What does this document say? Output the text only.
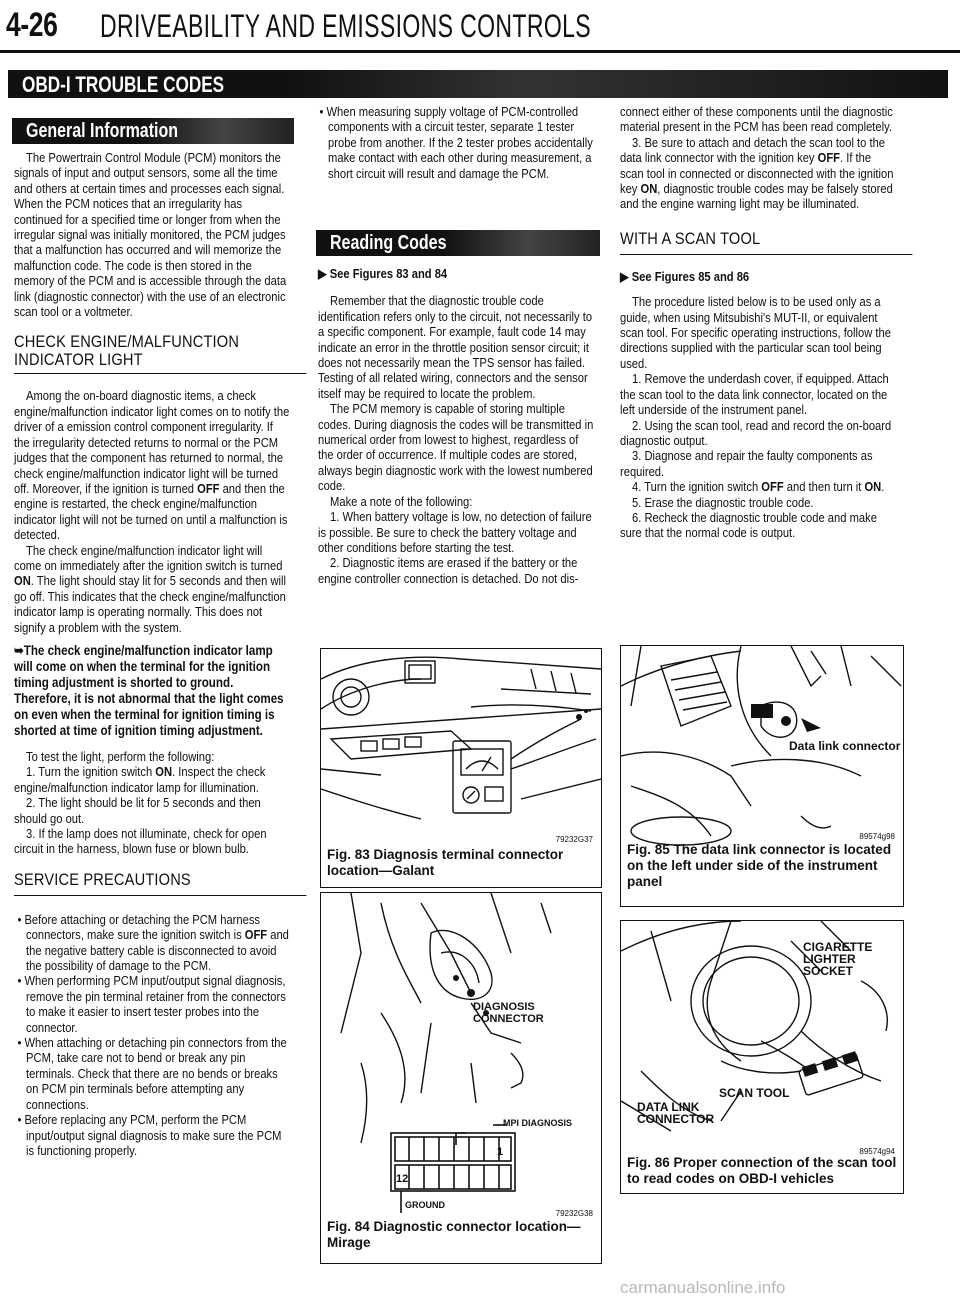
4-26 DRIVEABILITY AND EMISSIONS CONTROLS
OBD-I TROUBLE CODES
General Information

The Powertrain Control Module (PCM) monitors the signals of input and output sensors, some all the time and others at certain times and processes each signal. When the PCM notices that an irregularity has continued for a specified time or longer from when the irregular signal was initially monitored, the PCM judges that a malfunction has occurred and will memorize the malfunction code. The code is then stored in the memory of the PCM and is accessible through the data link (diagnostic connector) with the use of an electronic scan tool or a voltmeter.

CHECK ENGINE/MALFUNCTION INDICATOR LIGHT

Among the on-board diagnostic items, a check engine/malfunction indicator light comes on to notify the driver of a emission control component irregularity. If the irregularity detected returns to normal or the PCM judges that the component has returned to normal, the check engine/malfunction indicator light will be turned off. Moreover, if the ignition is turned OFF and then the engine is restarted, the check engine/malfunction indicator light will not be turned on until a malfunction is detected.

The check engine/malfunction indicator light will come on immediately after the ignition switch is turned ON. The light should stay lit for 5 seconds and then will go off. This indicates that the check engine/malfunction indicator lamp is operating normally. This does not signify a problem with the system.

➥The check engine/malfunction indicator lamp will come on when the terminal for the ignition timing adjustment is shorted to ground. Therefore, it is not abnormal that the light comes on even when the terminal for ignition timing is shorted at time of ignition timing adjustment.

To test the light, perform the following:

1. Turn the ignition switch ON. Inspect the check engine/malfunction indicator lamp for illumination.

2. The light should be lit for 5 seconds and then should go out.

3. If the lamp does not illuminate, check for open circuit in the harness, blown fuse or blown bulb.

SERVICE PRECAUTIONS

• Before attaching or detaching the PCM harness connectors, make sure the ignition switch is OFF and the negative battery cable is disconnected to avoid the possibility of damage to the PCM.

• When performing PCM input/output signal diagnosis, remove the pin terminal retainer from the connectors to make it easier to insert tester probes into the connector.

• When attaching or detaching pin connectors from the PCM, take care not to bend or break any pin terminals. Check that there are no bends or breaks on PCM pin terminals before attempting any connections.

• Before replacing any PCM, perform the PCM input/output signal diagnosis to make sure the PCM is functioning properly.

• When measuring supply voltage of PCM-controlled components with a circuit tester, separate 1 tester probe from another. If the 2 tester probes accidentally make contact with each other during measurement, a short circuit will result and damage the PCM.

Reading Codes

▶ See Figures 83 and 84

Remember that the diagnostic trouble code identification refers only to the circuit, not necessarily to a specific component. For example, fault code 14 may indicate an error in the throttle position sensor circuit; it does not necessarily mean the TPS sensor has failed. Testing of all related wiring, connectors and the sensor itself may be required to locate the problem.

The PCM memory is capable of storing multiple codes. During diagnosis the codes will be transmitted in numerical order from lowest to highest, regardless of the order of occurrence. If multiple codes are stored, always begin diagnostic work with the lowest numbered code.

Make a note of the following:

1. When battery voltage is low, no detection of failure is possible. Be sure to check the battery voltage and other conditions before starting the test.

2. Diagnostic items are erased if the battery or the engine controller connection is detached. Do not dis-

79232G37
Fig. 83 Diagnosis terminal connector location—Galant
DIAGNOSIS CONNECTOR
MPI DIAGNOSIS
1
12
GROUND
79232G38
Fig. 84 Diagnostic connector location—Mirage

connect either of these components until the diagnostic material present in the PCM has been read completely.

3. Be sure to attach and detach the scan tool to the data link connector with the ignition key OFF. If the scan tool in connected or disconnected with the ignition key ON, diagnostic trouble codes may be falsely stored and the engine warning light may be illuminated.

WITH A SCAN TOOL

▶ See Figures 85 and 86

The procedure listed below is to be used only as a guide, when using Mitsubishi's MUT-II, or equivalent scan tool. For specific operating instructions, follow the directions supplied with the particular scan tool being used.

1. Remove the underdash cover, if equipped. Attach the scan tool to the data link connector, located on the left underside of the instrument panel.

2. Using the scan tool, read and record the on-board diagnostic output.

3. Diagnose and repair the faulty components as required.

4. Turn the ignition switch OFF and then turn it ON.

5. Erase the diagnostic trouble code.

6. Recheck the diagnostic trouble code and make sure that the normal code is output.

Data link connector
89574g98
Fig. 85 The data link connector is located on the left under side of the instrument panel
CIGARETTE LIGHTER SOCKET
SCAN TOOL
DATA LINK CONNECTOR
89574g94
Fig. 86 Proper connection of the scan tool to read codes on OBD-I vehicles
carmanualsonline.info
